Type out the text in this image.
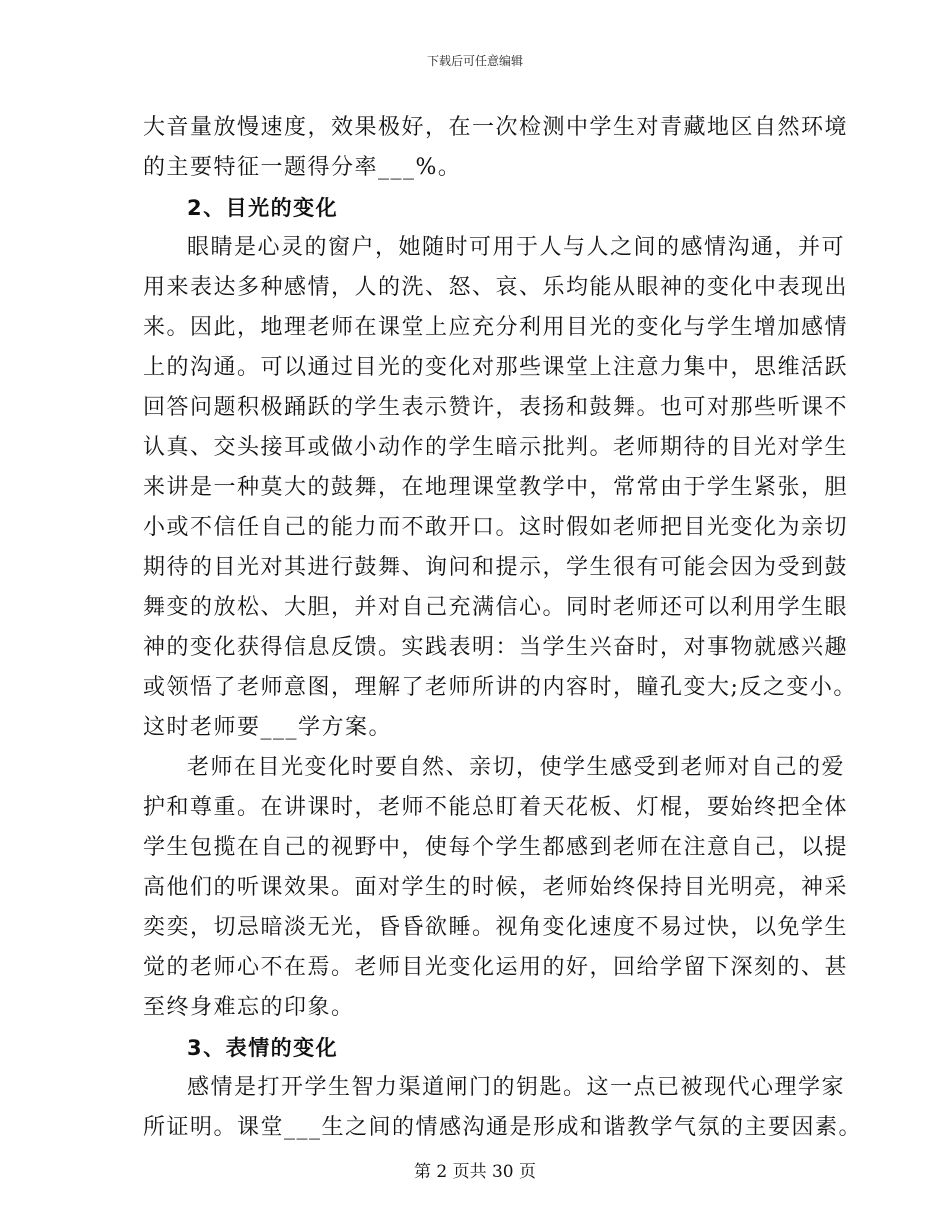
下载后可任意编辑
大音量放慢速度，效果极好，在一次检测中学生对青藏地区自然环境
的主要特征一题得分率___%。
2、目光的变化
眼睛是心灵的窗户，她随时可用于人与人之间的感情沟通，并可
用来表达多种感情，人的洗、怒、哀、乐均能从眼神的变化中表现出
来。因此，地理老师在课堂上应充分利用目光的变化与学生增加感情
上的沟通。可以通过目光的变化对那些课堂上注意力集中，思维活跃
回答问题积极踊跃的学生表示赞许，表扬和鼓舞。也可对那些听课不
认真、交头接耳或做小动作的学生暗示批判。老师期待的目光对学生
来讲是一种莫大的鼓舞，在地理课堂教学中，常常由于学生紧张，胆
小或不信任自己的能力而不敢开口。这时假如老师把目光变化为亲切
期待的目光对其进行鼓舞、询问和提示，学生很有可能会因为受到鼓
舞变的放松、大胆，并对自己充满信心。同时老师还可以利用学生眼
神的变化获得信息反馈。实践表明：当学生兴奋时，对事物就感兴趣
或领悟了老师意图，理解了老师所讲的内容时，瞳孔变大;反之变小。
这时老师要___学方案。
老师在目光变化时要自然、亲切，使学生感受到老师对自己的爱
护和尊重。在讲课时，老师不能总盯着天花板、灯棍，要始终把全体
学生包揽在自己的视野中，使每个学生都感到老师在注意自己，以提
高他们的听课效果。面对学生的时候，老师始终保持目光明亮，神采
奕奕，切忌暗淡无光，昏昏欲睡。视角变化速度不易过快，以免学生
觉的老师心不在焉。老师目光变化运用的好，回给学留下深刻的、甚
至终身难忘的印象。
3、表情的变化
感情是打开学生智力渠道闸门的钥匙。这一点已被现代心理学家
所证明。课堂___生之间的情感沟通是形成和谐教学气氛的主要因素。
第 2 页共 30 页
